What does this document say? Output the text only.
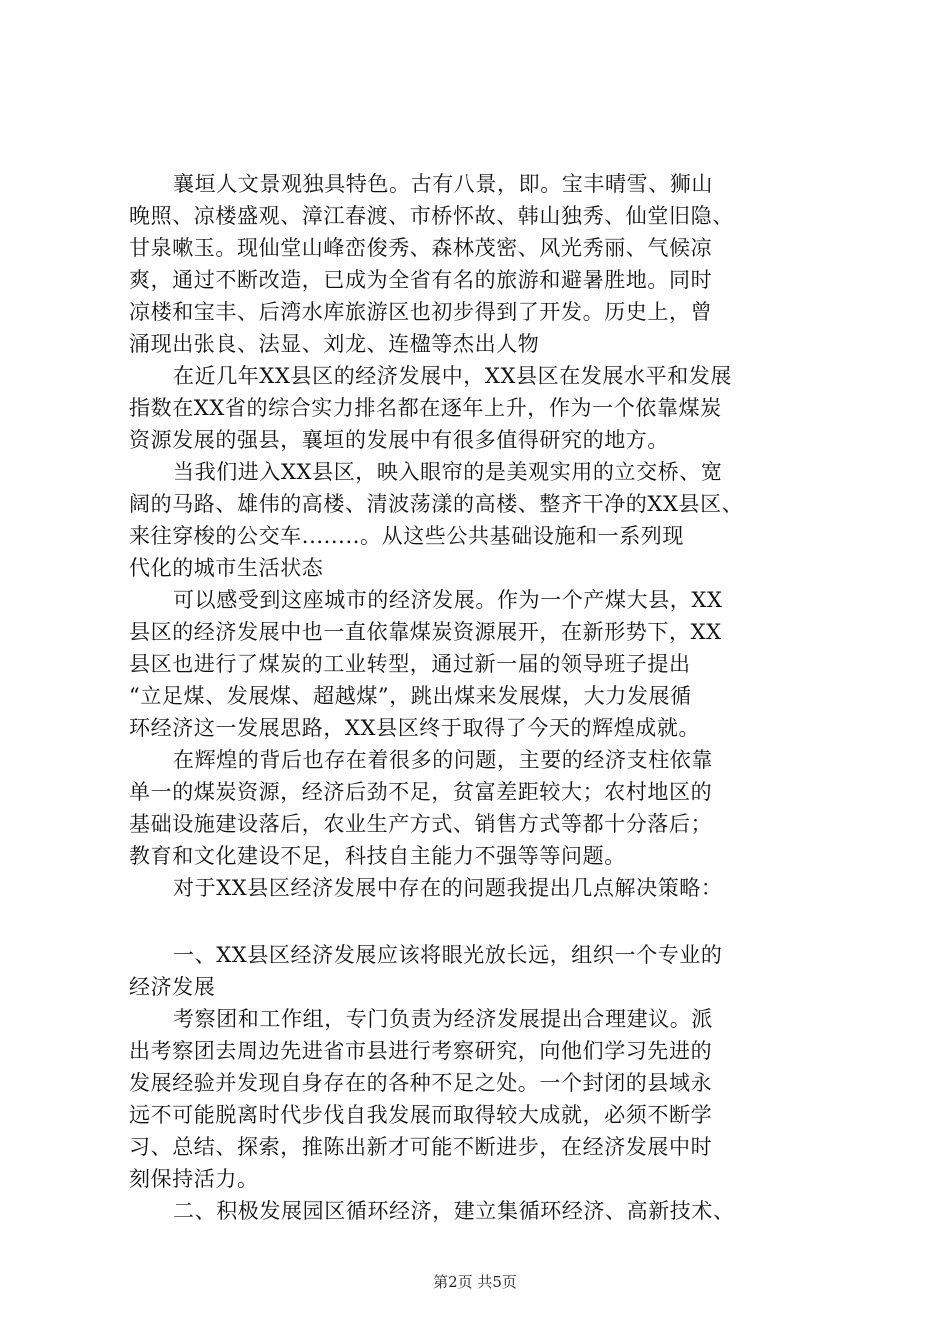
襄垣人文景观独具特色。古有八景，即。宝丰晴雪、狮山
晚照、凉楼盛观、漳江春渡、市桥怀故、韩山独秀、仙堂旧隐、
甘泉嗽玉。现仙堂山峰峦俊秀、森林茂密、风光秀丽、气候凉
爽，通过不断改造，已成为全省有名的旅游和避暑胜地。同时
凉楼和宝丰、后湾水库旅游区也初步得到了开发。历史上，曾
涌现出张良、法显、刘龙、连楹等杰出人物
在近几年XX县区的经济发展中，XX县区在发展水平和发展
指数在XX省的综合实力排名都在逐年上升，作为一个依靠煤炭
资源发展的强县，襄垣的发展中有很多值得研究的地方。
当我们进入XX县区，映入眼帘的是美观实用的立交桥、宽
阔的马路、雄伟的高楼、清波荡漾的高楼、整齐干净的XX县区、
来往穿梭的公交车........。从这些公共基础设施和一系列现
代化的城市生活状态
可以感受到这座城市的经济发展。作为一个产煤大县，XX
县区的经济发展中也一直依靠煤炭资源展开，在新形势下，XX
县区也进行了煤炭的工业转型，通过新一届的领导班子提出
“立足煤、发展煤、超越煤”，跳出煤来发展煤，大力发展循
环经济这一发展思路，XX县区终于取得了今天的辉煌成就。
在辉煌的背后也存在着很多的问题，主要的经济支柱依靠
单一的煤炭资源，经济后劲不足，贫富差距较大；农村地区的
基础设施建设落后，农业生产方式、销售方式等都十分落后；
教育和文化建设不足，科技自主能力不强等等问题。
对于XX县区经济发展中存在的问题我提出几点解决策略：
一、XX县区经济发展应该将眼光放长远，组织一个专业的
经济发展
考察团和工作组，专门负责为经济发展提出合理建议。派
出考察团去周边先进省市县进行考察研究，向他们学习先进的
发展经验并发现自身存在的各种不足之处。一个封闭的县域永
远不可能脱离时代步伐自我发展而取得较大成就，必须不断学
习、总结、探索，推陈出新才可能不断进步，在经济发展中时
刻保持活力。
二、积极发展园区循环经济，建立集循环经济、高新技术、
第2页 共5页
